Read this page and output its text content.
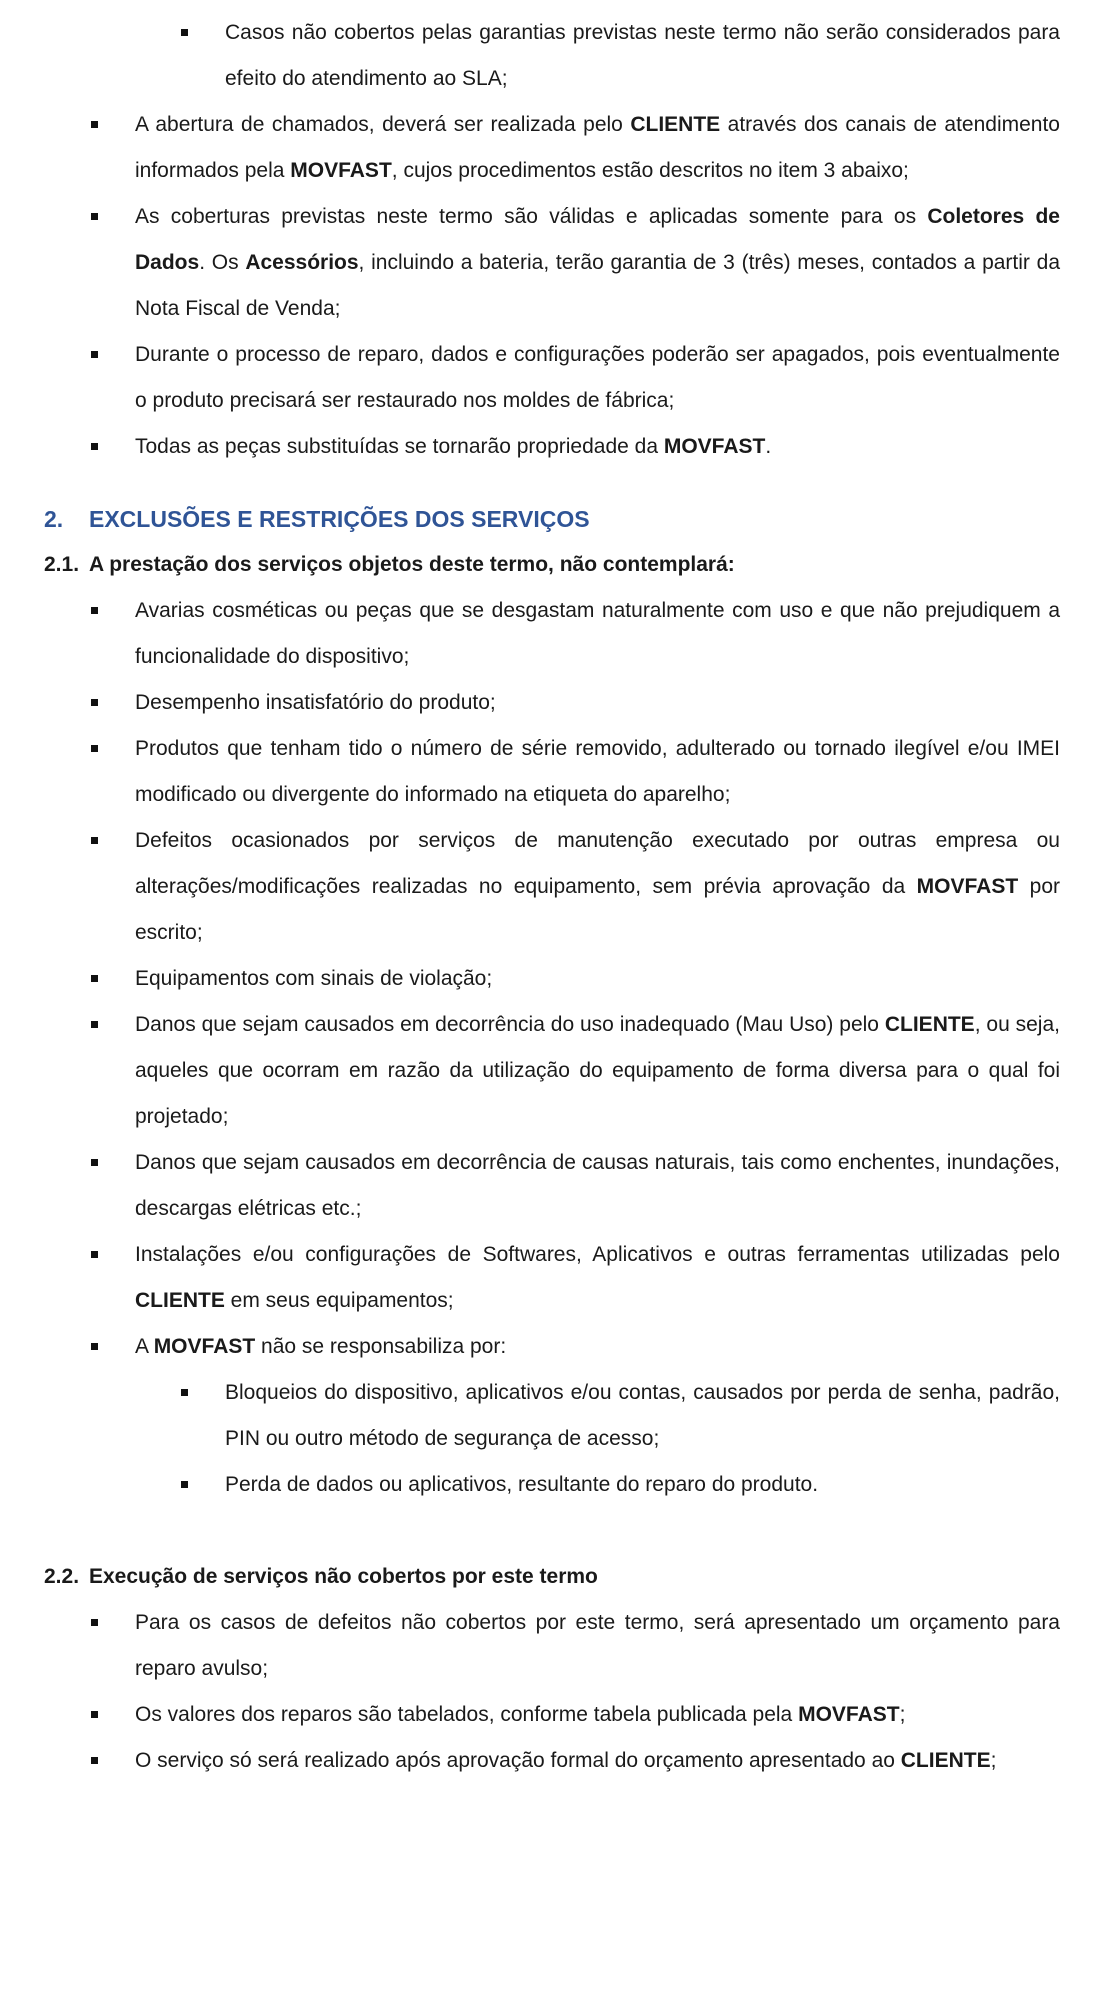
Casos não cobertos pelas garantias previstas neste termo não serão considerados para efeito do atendimento ao SLA;
A abertura de chamados, deverá ser realizada pelo CLIENTE através dos canais de atendimento informados pela MOVFAST, cujos procedimentos estão descritos no item 3 abaixo;
As coberturas previstas neste termo são válidas e aplicadas somente para os Coletores de Dados. Os Acessórios, incluindo a bateria, terão garantia de 3 (três) meses, contados a partir da Nota Fiscal de Venda;
Durante o processo de reparo, dados e configurações poderão ser apagados, pois eventualmente o produto precisará ser restaurado nos moldes de fábrica;
Todas as peças substituídas se tornarão propriedade da MOVFAST.
2.	EXCLUSÕES E RESTRIÇÕES DOS SERVIÇOS
2.1. A prestação dos serviços objetos deste termo, não contemplará:
Avarias cosméticas ou peças que se desgastam naturalmente com uso e que não prejudiquem a funcionalidade do dispositivo;
Desempenho insatisfatório do produto;
Produtos que tenham tido o número de série removido, adulterado ou tornado ilegível e/ou IMEI modificado ou divergente do informado na etiqueta do aparelho;
Defeitos ocasionados por serviços de manutenção executado por outras empresa ou alterações/modificações realizadas no equipamento, sem prévia aprovação da MOVFAST por escrito;
Equipamentos com sinais de violação;
Danos que sejam causados em decorrência do uso inadequado (Mau Uso) pelo CLIENTE, ou seja, aqueles que ocorram em razão da utilização do equipamento de forma diversa para o qual foi projetado;
Danos que sejam causados em decorrência de causas naturais, tais como enchentes, inundações, descargas elétricas etc.;
Instalações e/ou configurações de Softwares, Aplicativos e outras ferramentas utilizadas pelo CLIENTE em seus equipamentos;
A MOVFAST não se responsabiliza por:
Bloqueios do dispositivo, aplicativos e/ou contas, causados por perda de senha, padrão, PIN ou outro método de segurança de acesso;
Perda de dados ou aplicativos, resultante do reparo do produto.
2.2. Execução de serviços não cobertos por este termo
Para os casos de defeitos não cobertos por este termo, será apresentado um orçamento para reparo avulso;
Os valores dos reparos são tabelados, conforme tabela publicada pela MOVFAST;
O serviço só será realizado após aprovação formal do orçamento apresentado ao CLIENTE;
